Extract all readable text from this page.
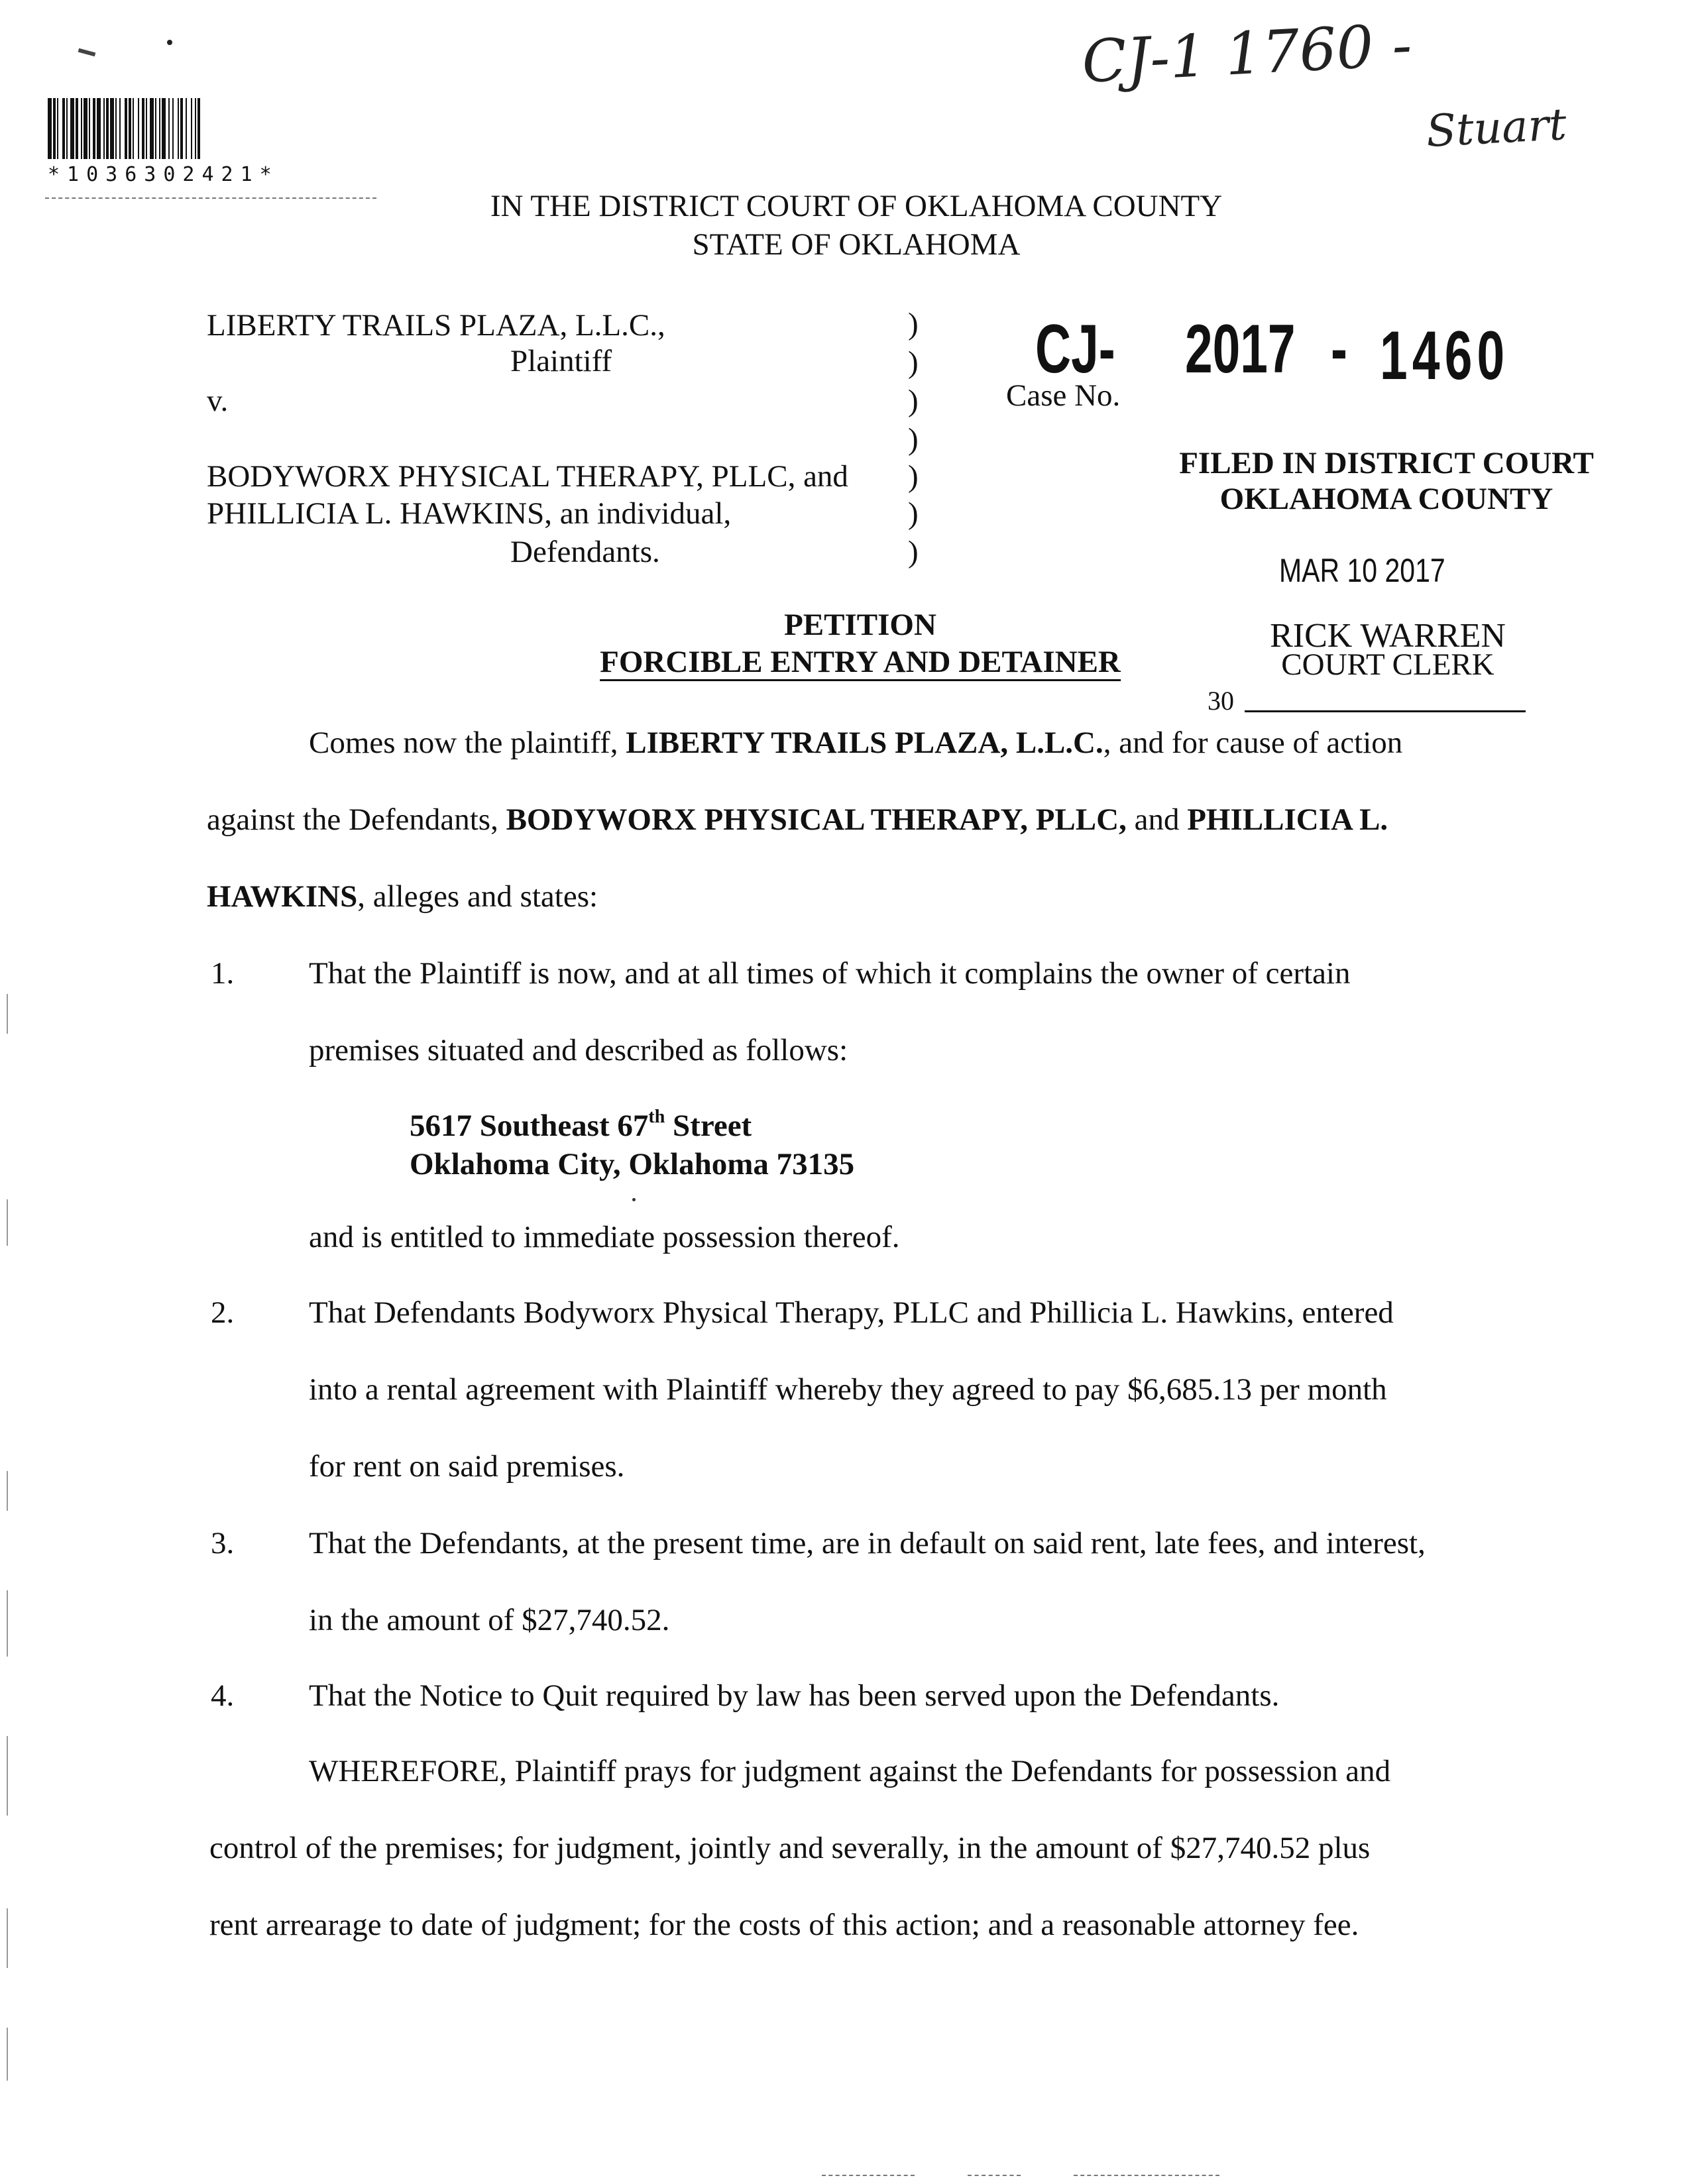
*1036302421*
CJ-1 1760 -
Stuart
IN THE DISTRICT COURT OF OKLAHOMA COUNTY
STATE OF OKLAHOMA
LIBERTY TRAILS PLAZA, L.L.C.,
Plaintiff
v.
BODYWORX PHYSICAL THERAPY, PLLC, and
PHILLICIA L. HAWKINS, an individual,
Defendants.
)
)
)
)
)
)
)
CJ- 2017 - 1460
Case No.
FILED IN DISTRICT COURT
OKLAHOMA COUNTY
MAR 10 2017
RICK WARREN
COURT CLERK
30
PETITION
FORCIBLE ENTRY AND DETAINER
Comes now the plaintiff, LIBERTY TRAILS PLAZA, L.L.C., and for cause of action
against the Defendants, BODYWORX PHYSICAL THERAPY, PLLC, and PHILLICIA L.
HAWKINS, alleges and states:
1. That the Plaintiff is now, and at all times of which it complains the owner of certain
premises situated and described as follows:
5617 Southeast 67th Street
Oklahoma City, Oklahoma 73135
and is entitled to immediate possession thereof.
2. That Defendants Bodyworx Physical Therapy, PLLC and Phillicia L. Hawkins, entered
into a rental agreement with Plaintiff whereby they agreed to pay $6,685.13 per month
for rent on said premises.
3. That the Defendants, at the present time, are in default on said rent, late fees, and interest,
in the amount of $27,740.52.
4. That the Notice to Quit required by law has been served upon the Defendants.
WHEREFORE, Plaintiff prays for judgment against the Defendants for possession and
control of the premises; for judgment, jointly and severally, in the amount of $27,740.52 plus
rent arrearage to date of judgment; for the costs of this action; and a reasonable attorney fee.
